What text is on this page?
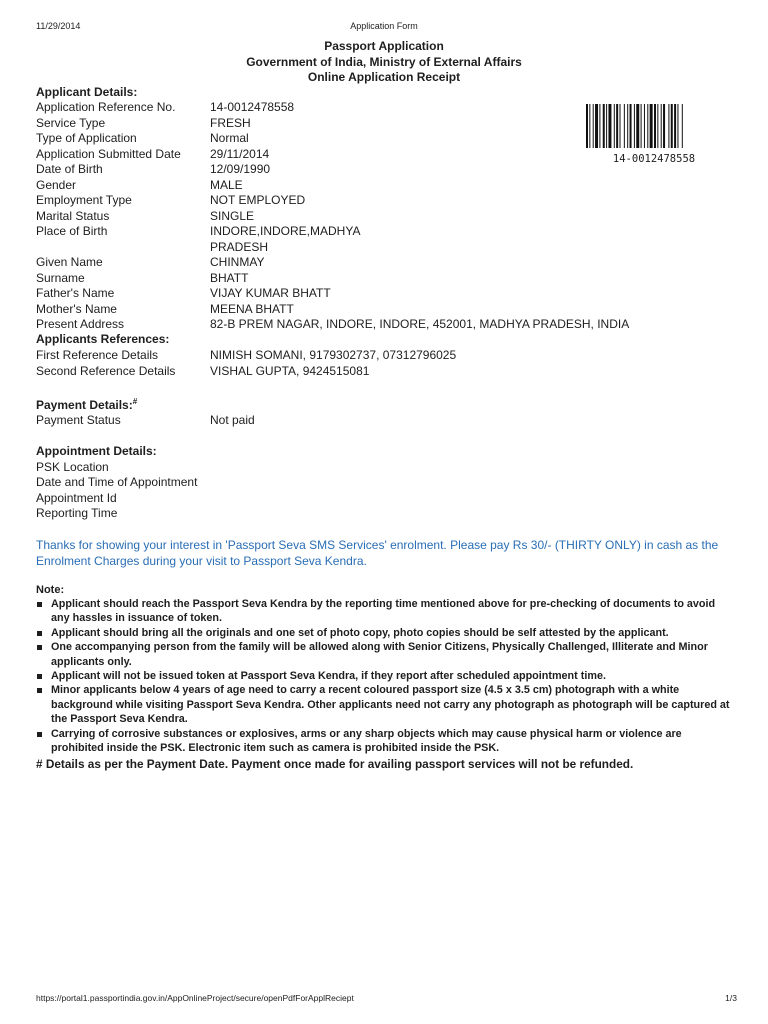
11/29/2014	Application Form
Passport Application
Government of India, Ministry of External Affairs
Online Application Receipt
Applicant Details:
Application Reference No.	14-0012478558
Service Type	FRESH
Type of Application	Normal
Application Submitted Date	29/11/2014
Date of Birth	12/09/1990
Gender	MALE
Employment Type	NOT EMPLOYED
Marital Status	SINGLE
Place of Birth	INDORE,INDORE,MADHYA
PRADESH
Given Name	CHINMAY
Surname	BHATT
Father's Name	VIJAY KUMAR BHATT
Mother's Name	MEENA BHATT
Present Address	82-B PREM NAGAR, INDORE, INDORE, 452001, MADHYA PRADESH, INDIA
14-0012478558
Applicants References:
First Reference Details	NIMISH SOMANI, 9179302737, 07312796025
Second Reference Details	VISHAL GUPTA, 9424515081
Payment Details:#
Payment Status	Not paid
Appointment Details:
PSK Location
Date and Time of Appointment
Appointment Id
Reporting Time
Thanks for showing your interest in 'Passport Seva SMS Services' enrolment. Please pay Rs 30/- (THIRTY ONLY) in cash as the Enrolment Charges during your visit to Passport Seva Kendra.
Note:
Applicant should reach the Passport Seva Kendra by the reporting time mentioned above for pre-checking of documents to avoid any hassles in issuance of token.
Applicant should bring all the originals and one set of photo copy, photo copies should be self attested by the applicant.
One accompanying person from the family will be allowed along with Senior Citizens, Physically Challenged, Illiterate and Minor applicants only.
Applicant will not be issued token at Passport Seva Kendra, if they report after scheduled appointment time.
Minor applicants below 4 years of age need to carry a recent coloured passport size (4.5 x 3.5 cm) photograph with a white background while visiting Passport Seva Kendra. Other applicants need not carry any photograph as photograph will be captured at the Passport Seva Kendra.
Carrying of corrosive substances or explosives, arms or any sharp objects which may cause physical harm or violence are prohibited inside the PSK. Electronic item such as camera is prohibited inside the PSK.
# Details as per the Payment Date. Payment once made for availing passport services will not be refunded.
https://portal1.passportindia.gov.in/AppOnlineProject/secure/openPdfForApplReciept	1/3
